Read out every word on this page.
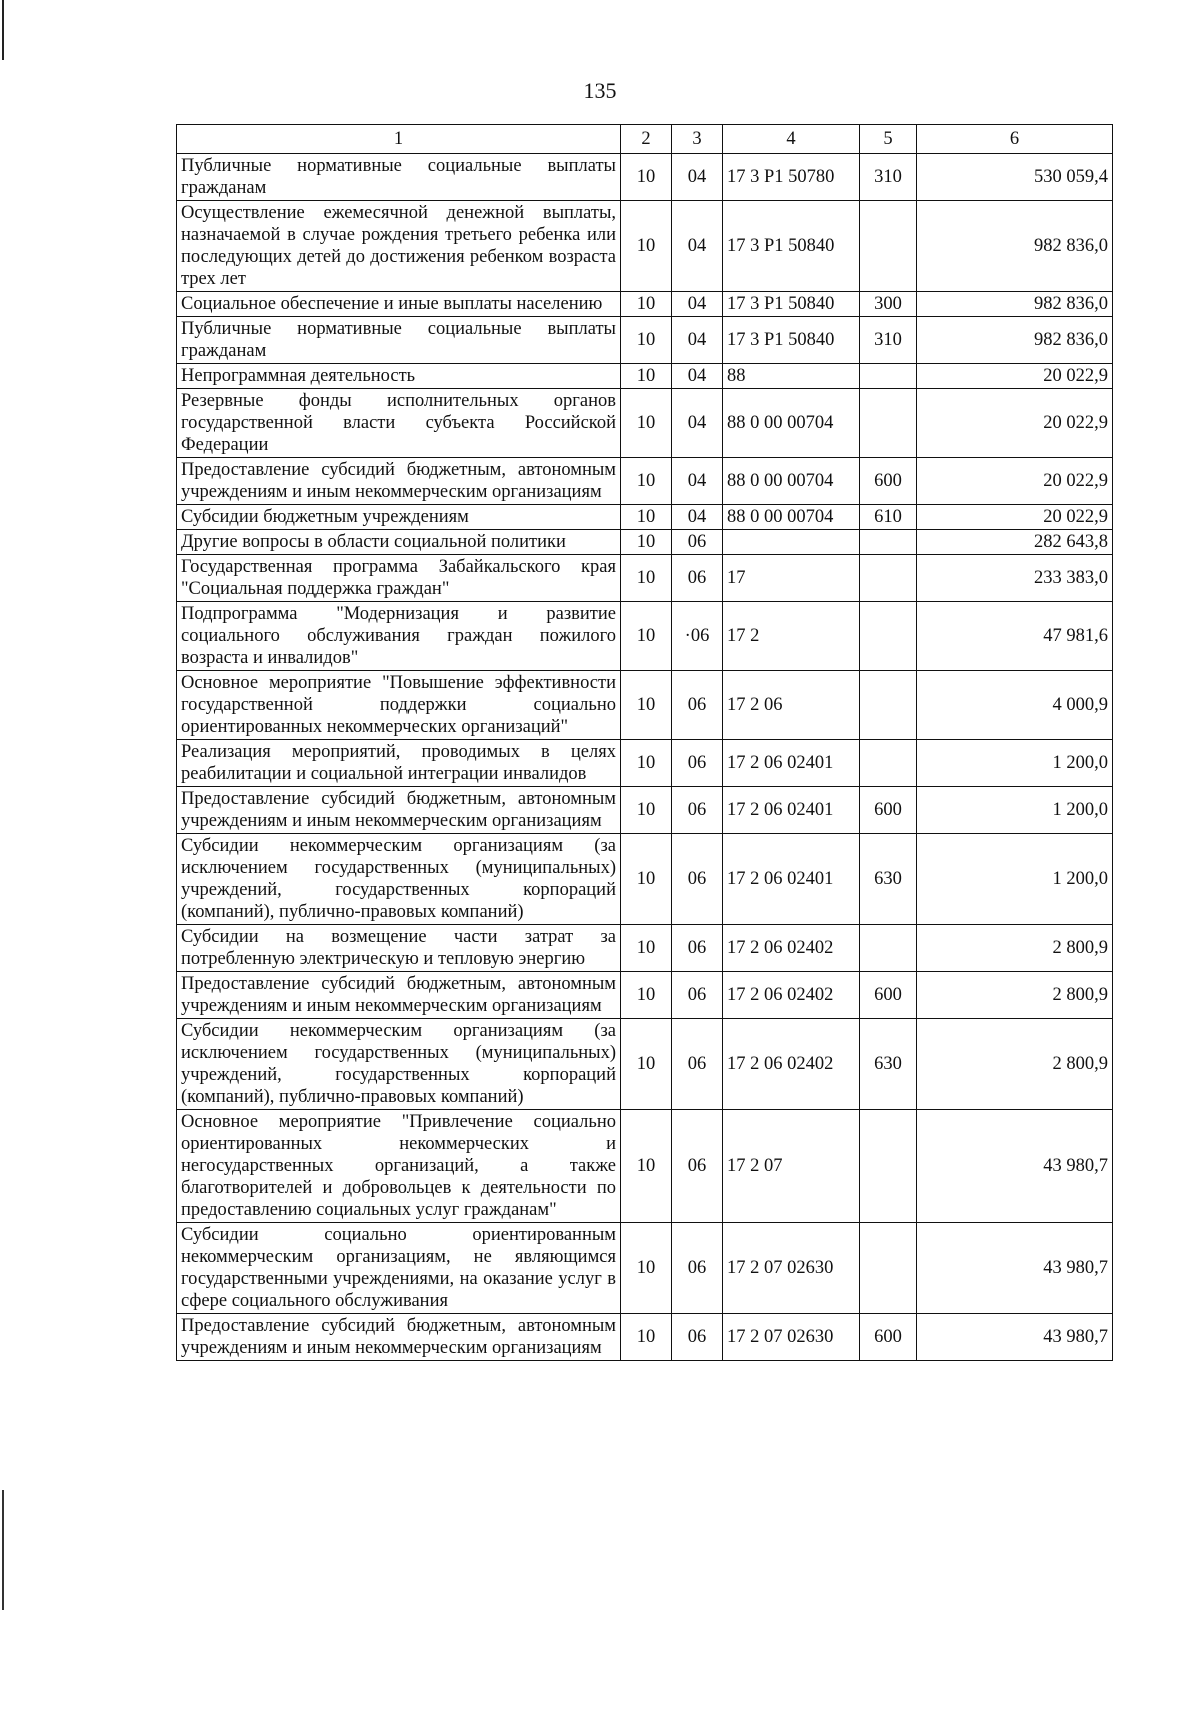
135
1	2	3	4	5	6
Публичные нормативные социальные выплаты гражданам	10	04	17 3 P1 50780	310	530 059,4
Осуществление ежемесячной денежной выплаты, назначаемой в случае рождения третьего ребенка или последующих детей до достижения ребенком возраста трех лет	10	04	17 3 P1 50840		982 836,0
Социальное обеспечение и иные выплаты населению	10	04	17 3 P1 50840	300	982 836,0
Публичные нормативные социальные выплаты гражданам	10	04	17 3 P1 50840	310	982 836,0
Непрограммная деятельность	10	04	88		20 022,9
Резервные фонды исполнительных органов государственной власти субъекта Российской Федерации	10	04	88 0 00 00704		20 022,9
Предоставление субсидий бюджетным, автономным учреждениям и иным некоммерческим организациям	10	04	88 0 00 00704	600	20 022,9
Субсидии бюджетным учреждениям	10	04	88 0 00 00704	610	20 022,9
Другие вопросы в области социальной политики	10	06			282 643,8
Государственная программа Забайкальского края "Социальная поддержка граждан"	10	06	17		233 383,0
Подпрограмма "Модернизация и развитие социального обслуживания граждан пожилого возраста и инвалидов"	10	·06	17 2		47 981,6
Основное мероприятие "Повышение эффективности государственной поддержки социально ориентированных некоммерческих организаций"	10	06	17 2 06		4 000,9
Реализация мероприятий, проводимых в целях реабилитации и социальной интеграции инвалидов	10	06	17 2 06 02401		1 200,0
Предоставление субсидий бюджетным, автономным учреждениям и иным некоммерческим организациям	10	06	17 2 06 02401	600	1 200,0
Субсидии некоммерческим организациям (за исключением государственных (муниципальных) учреждений, государственных корпораций (компаний), публично-правовых компаний)	10	06	17 2 06 02401	630	1 200,0
Субсидии на возмещение части затрат за потребленную электрическую и тепловую энергию	10	06	17 2 06 02402		2 800,9
Предоставление субсидий бюджетным, автономным учреждениям и иным некоммерческим организациям	10	06	17 2 06 02402	600	2 800,9
Субсидии некоммерческим организациям (за исключением государственных (муниципальных) учреждений, государственных корпораций (компаний), публично-правовых компаний)	10	06	17 2 06 02402	630	2 800,9
Основное мероприятие "Привлечение социально ориентированных некоммерческих и негосударственных организаций, а также благотворителей и добровольцев к деятельности по предоставлению социальных услуг гражданам"	10	06	17 2 07		43 980,7
Субсидии социально ориентированным некоммерческим организациям, не являющимся государственными учреждениями, на оказание услуг в сфере социального обслуживания	10	06	17 2 07 02630		43 980,7
Предоставление субсидий бюджетным, автономным учреждениям и иным некоммерческим организациям	10	06	17 2 07 02630	600	43 980,7
